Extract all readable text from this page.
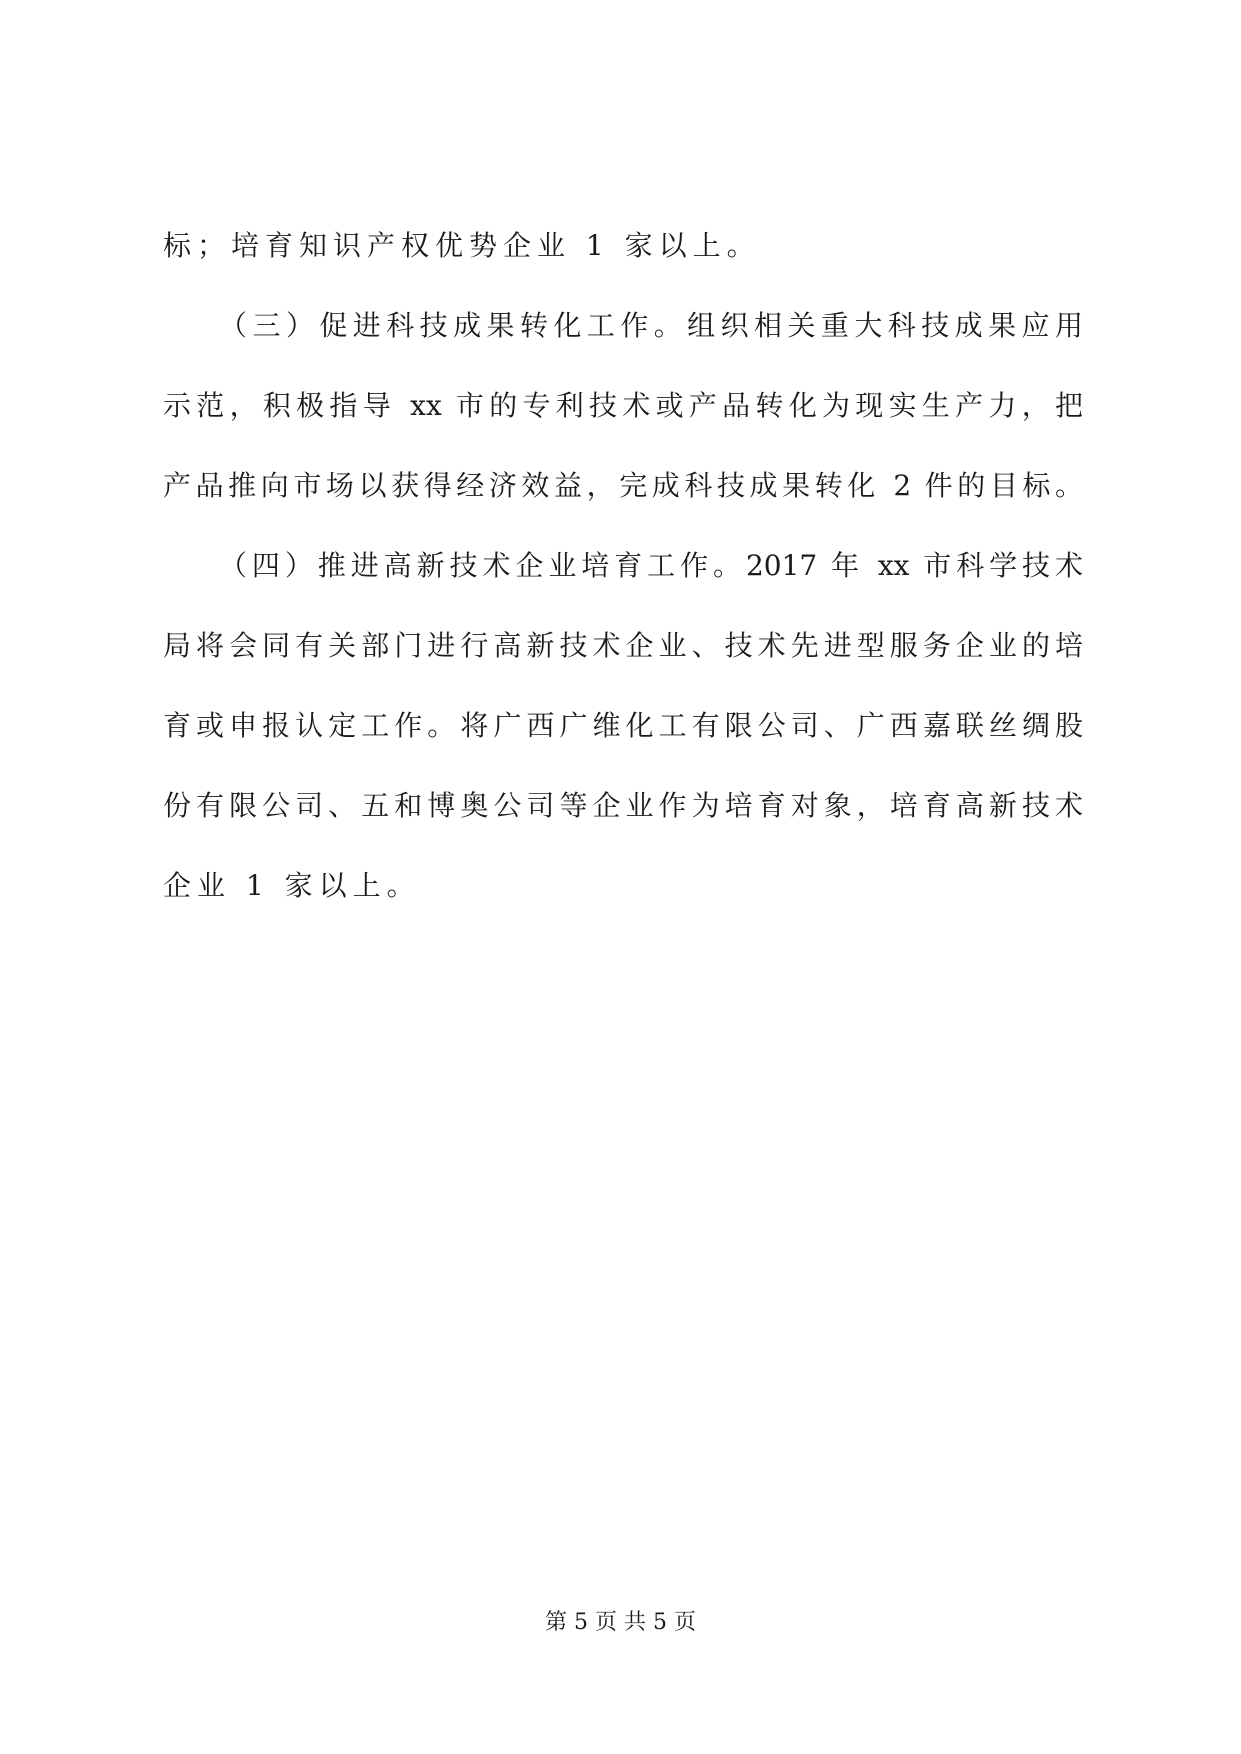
标；培育知识产权优势企业 1 家以上。
（三）促进科技成果转化工作。组织相关重大科技成果应用
示范，积极指导 xx 市的专利技术或产品转化为现实生产力，把
产品推向市场以获得经济效益，完成科技成果转化 2 件的目标。
（四）推进高新技术企业培育工作。2017 年 xx 市科学技术
局将会同有关部门进行高新技术企业、技术先进型服务企业的培
育或申报认定工作。将广西广维化工有限公司、广西嘉联丝绸股
份有限公司、五和博奥公司等企业作为培育对象，培育高新技术
企业 1 家以上。
第 5 页 共 5 页
